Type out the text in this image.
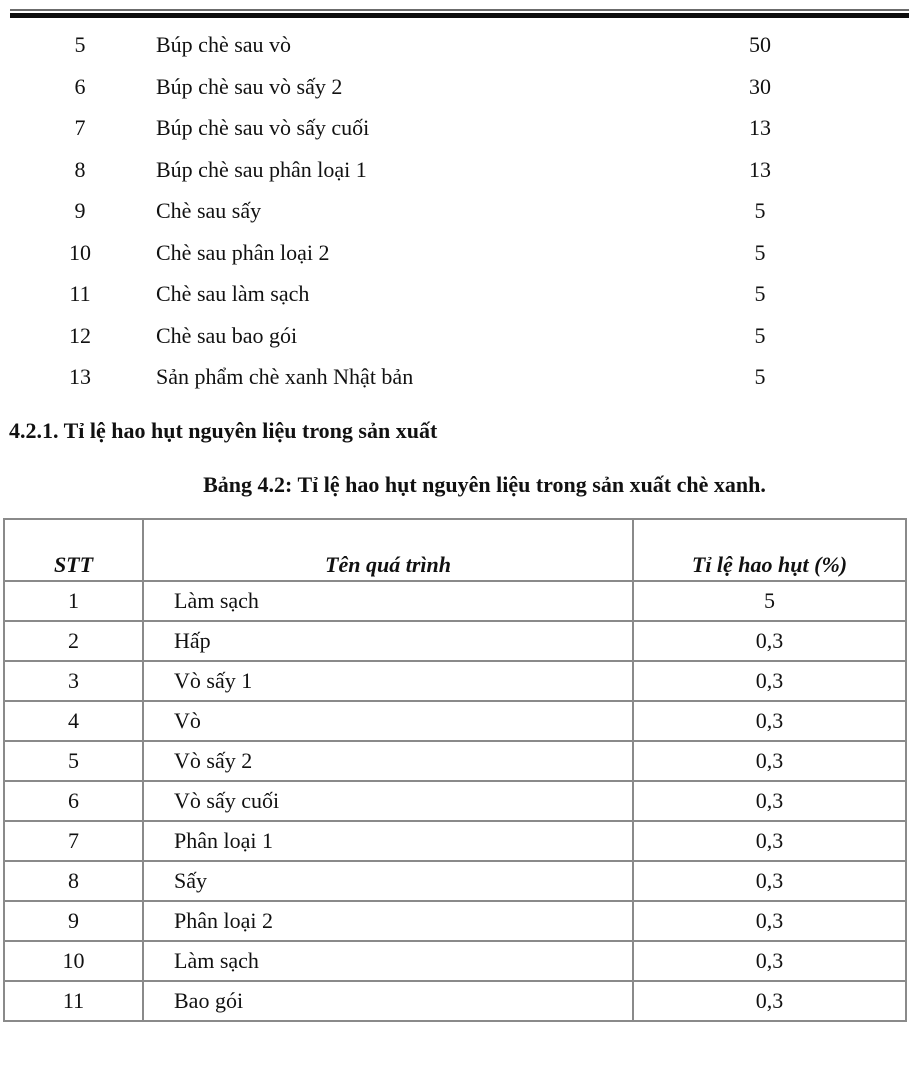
5	Búp chè sau vò	50
6	Búp chè sau vò sấy 2	30
7	Búp chè sau vò sấy cuối	13
8	Búp chè sau phân loại 1	13
9	Chè sau sấy	5
10	Chè sau phân loại 2	5
11	Chè sau làm sạch	5
12	Chè sau bao gói	5
13	Sản phẩm chè xanh Nhật bản	5
4.2.1. Tỉ lệ hao hụt nguyên liệu trong sản xuất
Bảng 4.2: Tỉ lệ hao hụt nguyên liệu trong sản xuất chè xanh.
STT	Tên quá trình	Tỉ lệ hao hụt (%)
1	Làm sạch	5
2	Hấp	0,3
3	Vò sấy 1	0,3
4	Vò	0,3
5	Vò sấy 2	0,3
6	Vò sấy cuối	0,3
7	Phân loại 1	0,3
8	Sấy	0,3
9	Phân loại 2	0,3
10	Làm sạch	0,3
11	Bao gói	0,3
